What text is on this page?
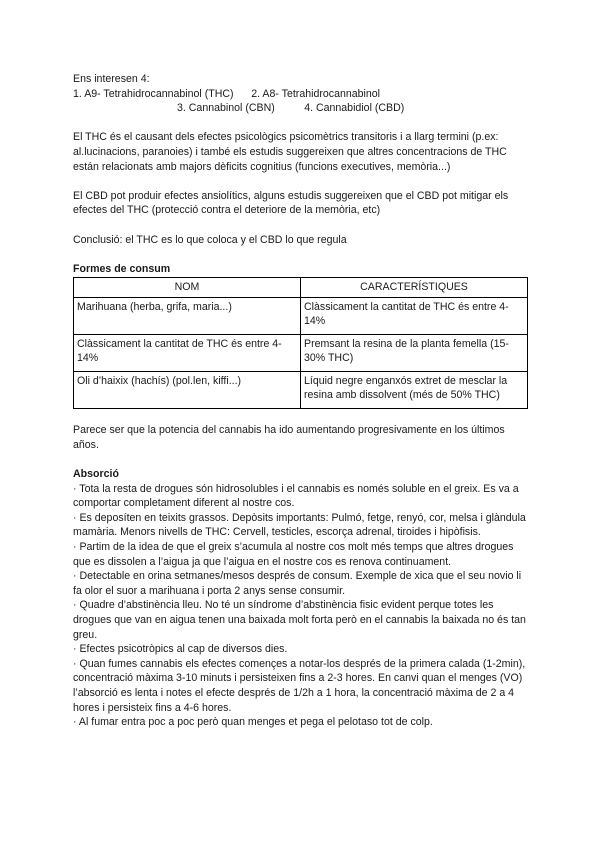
Ens interesen 4:

1. A9- Tetrahidrocannabinol (THC) 2. A8- Tetrahidrocannabinol

3. Cannabinol (CBN)	4. Cannabidiol (CBD)

El THC és el causant dels efectes psicològics psicomètrics transitoris i a llarg termini (p.ex: al.lucinacions, paranoies) i també els estudis suggereixen que altres concentracions de THC están relacionats amb majors dèficits cognitius (funcions executives, memòria...)

El CBD pot produir efectes ansiolítics, alguns estudis suggereixen que el CBD pot mitigar els efectes del THC (protecció contra el deteriore de la memòria, etc)

Conclusió: el THC es lo que coloca y el CBD lo que regula

Formes de consum

NOM	CARACTERÍSTIQUES
Marihuana (herba, grifa, maria...)	Clàssicament la cantitat de THC és entre 4-14%
Clàssicament la cantitat de THC és entre 4-14%	Premsant la resina de la planta femella (15-30% THC)
Oli d’haixix (hachís) (pol.len, kiffi...)	Líquid negre enganxós extret de mesclar la resina amb dissolvent (més de 50% THC)

Parece ser que la potencia del cannabis ha ido aumentando progresivamente en los últimos años.

Absorció

· Tota la resta de drogues són hidrosolubles i el cannabis es només soluble en el greix. Es va a comportar completament diferent al nostre cos.

· Es deposíten en teixits grassos. Depòsits importants: Pulmó, fetge, renyó, cor, melsa i glàndula mamària. Menors nivells de THC: Cervell, testicles, escorça adrenal, tiroides i hipòfisis.

· Partim de la idea de que el greix s’acumula al nostre cos molt més temps que altres drogues que es dissolen a l’aigua ja que l’aigua en el nostre cos es renova continuament.

· Detectable en orina setmanes/mesos després de consum. Exemple de xica que el seu novio li fa olor el suor a marihuana i porta 2 anys sense consumir.

· Quadre d’abstinència lleu. No té un síndrome d’abstinència fisic evident perque totes les drogues que van en aigua tenen una baixada molt forta però en el cannabis la baixada no és tan greu.

· Efectes psicotròpics al cap de diversos dies.

· Quan fumes cannabis els efectes començes a notar-los després de la primera calada (1-2min), concentració màxima 3-10 minuts i persisteixen fins a 2-3 hores. En canvi quan el menges (VO) l’absorció es lenta i notes el efecte després de 1/2h a 1 hora, la concentració màxima de 2 a 4 hores i persisteix fins a 4-6 hores.

· Al fumar entra poc a poc però quan menges et pega el pelotaso tot de colp.
